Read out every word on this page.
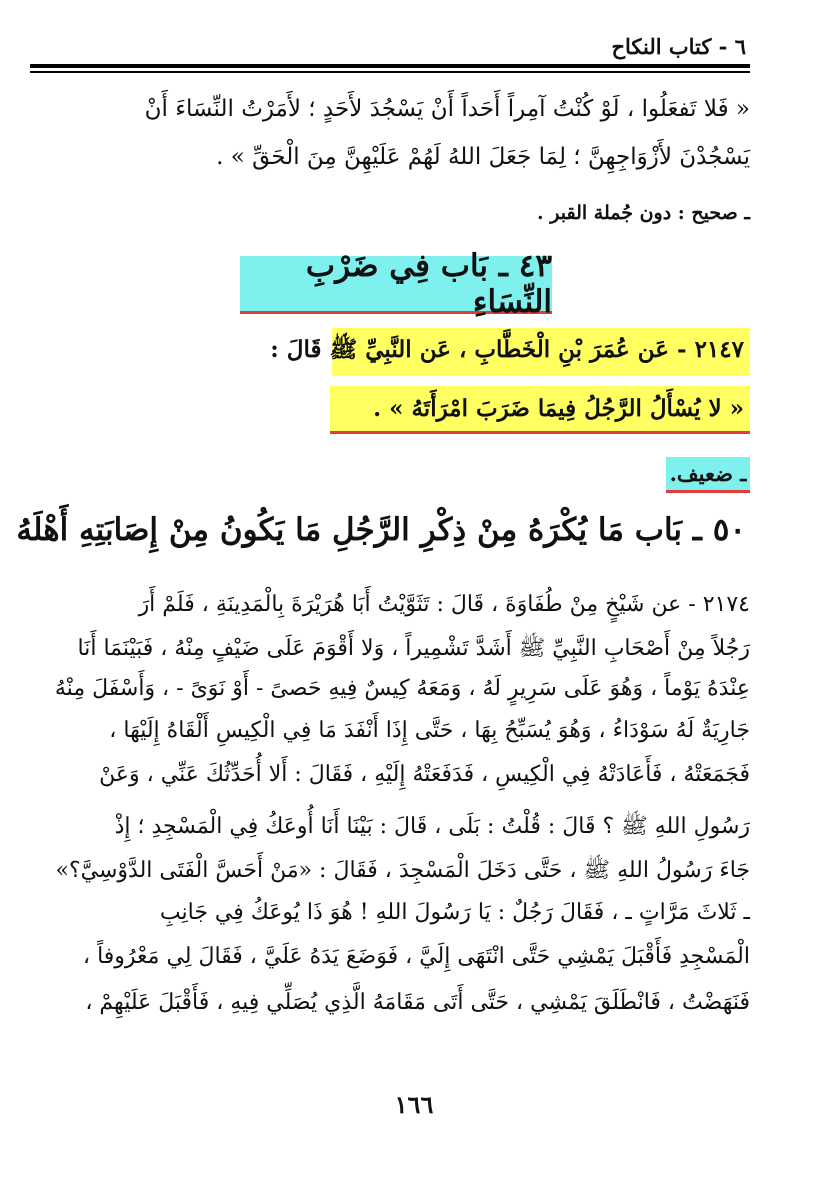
٦ - كتاب النكاح
« فَلا تَفعَلُوا ، لَوْ كُنْتُ آمِراً أَحَداً أَنْ يَسْجُدَ لأَحَدٍ ؛ لأَمَرْتُ النِّسَاءَ أَنْ
يَسْجُدْنَ لأَزْوَاجِهِنَّ ؛ لِمَا جَعَلَ اللهُ لَهُمْ عَلَيْهِنَّ مِنَ الْحَقِّ » .
ـ صحيح : دون جُملة القبر .
٤٣ ـ بَاب فِي ضَرْبِ النِّسَاءِ
٢١٤٧ - عَن عُمَرَ بْنِ الْخَطَّابِ ، عَن النَّبِيِّ ﷺ قَالَ :
« لا يُسْأَلُ الرَّجُلُ فِيمَا ضَرَبَ امْرَأَتَهُ » .
ـ ضعيف.
٥٠ ـ بَاب مَا يُكْرَهُ مِنْ ذِكْرِ الرَّجُلِ مَا يَكُونُ مِنْ إِصَابَتِهِ أَهْلَهُ
٢١٧٤ - عن شَيْخٍ مِنْ طُفَاوَةَ ، قَالَ : تَثَوَّيْتُ أَبَا هُرَيْرَةَ بِالْمَدِينَةِ ، فَلَمْ أَرَ
رَجُلاً مِنْ أَصْحَابِ النَّبِيِّ ﷺ أَشَدَّ تَشْمِيراً ، وَلا أَقْوَمَ عَلَى ضَيْفٍ مِنْهُ ، فَبَيْنَمَا أَنَا
عِنْدَهُ يَوْماً ، وَهُوَ عَلَى سَرِيرٍ لَهُ ، وَمَعَهُ كِيسٌ فِيهِ حَصىً - أَوْ نَوَىً - ، وَأَسْفَلَ مِنْهُ
جَارِيَةٌ لَهُ سَوْدَاءُ ، وَهُوَ يُسَبِّحُ بِهَا ، حَتَّى إِذَا أَنْفَدَ مَا فِي الْكِيسِ أَلْقَاهُ إِلَيْهَا ،
فَجَمَعَتْهُ ، فَأَعَادَتْهُ فِي الْكِيسِ ، فَدَفَعَتْهُ إِلَيْهِ ، فَقَالَ : أَلا أُحَدِّثُكَ عَنِّي ، وَعَنْ
رَسُولِ اللهِ ﷺ ؟ قَالَ : قُلْتُ : بَلَى ، قَالَ : بَيْنَا أَنَا أُوعَكُ فِي الْمَسْجِدِ ؛ إِذْ
جَاءَ رَسُولُ اللهِ ﷺ ، حَتَّى دَخَلَ الْمَسْجِدَ ، فَقَالَ : «مَنْ أَحَسَّ الْفَتَى الدَّوْسِيَّ؟»
ـ ثَلاثَ مَرَّاتٍ ـ ، فَقَالَ رَجُلٌ : يَا رَسُولَ اللهِ ! هُوَ ذَا يُوعَكُ فِي جَانِبِ
الْمَسْجِدِ فَأَقْبَلَ يَمْشِي حَتَّى انْتَهَى إِلَيَّ ، فَوَضَعَ يَدَهُ عَلَيَّ ، فَقَالَ لِي مَعْرُوفاً ،
فَنَهَضْتُ ، فَانْطَلَقَ يَمْشِي ، حَتَّى أَتَى مَقَامَهُ الَّذِي يُصَلِّي فِيهِ ، فَأَقْبَلَ عَلَيْهِمْ ،
١٦٦
